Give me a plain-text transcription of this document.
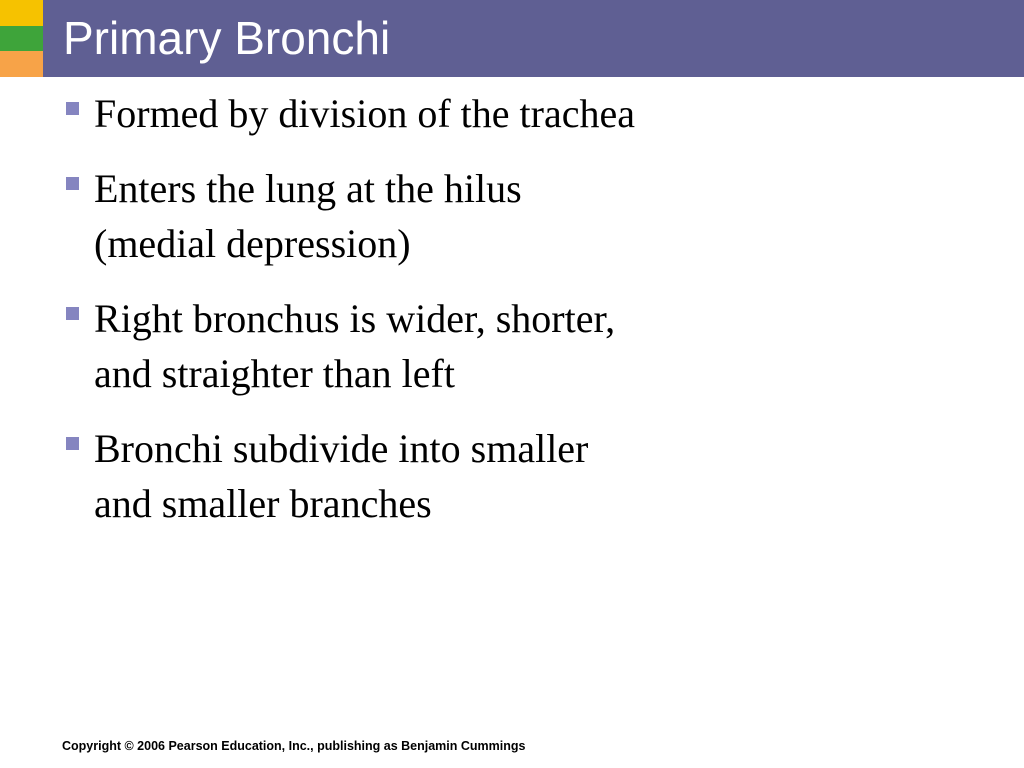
Primary Bronchi
Formed by division of the trachea
Enters the lung at the hilus
(medial depression)
Right bronchus is wider, shorter,
and straighter than left
Bronchi subdivide into smaller
and smaller branches

Copyright © 2006 Pearson Education, Inc., publishing as Benjamin Cummings
